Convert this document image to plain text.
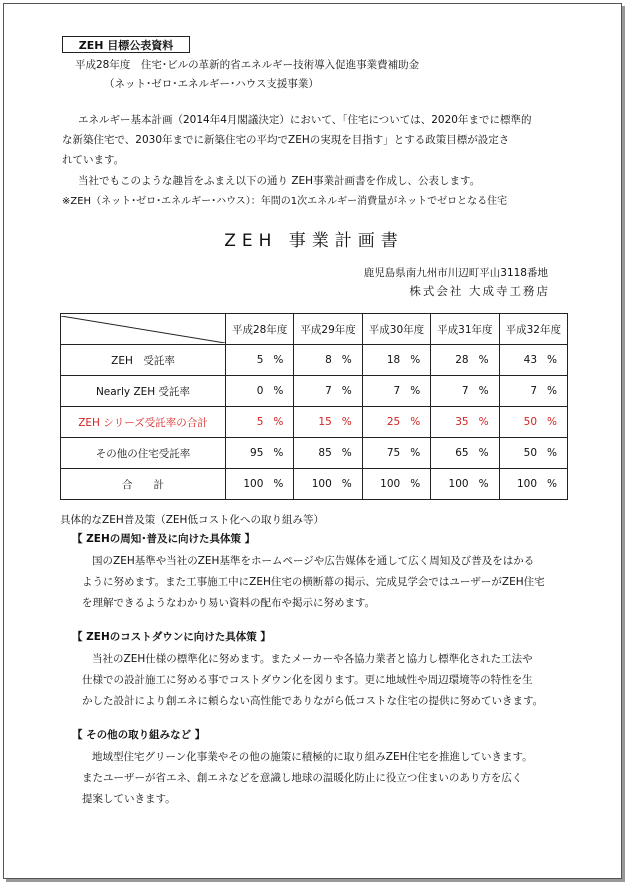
ZEH 目標公表資料
平成28年度　住宅･ビルの革新的省エネルギー技術導入促進事業費補助金
（ネット･ゼロ･エネルギー･ハウス支援事業）
エネルギー基本計画（2014年4月閣議決定）において、「住宅については、2020年までに標準的
な新築住宅で、2030年までに新築住宅の平均でZEHの実現を目指す」とする政策目標が設定さ
れています。
当社でもこのような趣旨をふまえ以下の通り ZEH事業計画書を作成し、公表します。
※ZEH（ネット･ゼロ･エネルギー･ハウス）：年間の1次エネルギー消費量がネットでゼロとなる住宅
ZEH 事業計画書
鹿児島県南九州市川辺町平山3118番地
株式会社 大成寺工務店
	平成28年度	平成29年度	平成30年度	平成31年度	平成32年度
ZEH　受託率	5 %	8 %	18 %	28 %	43 %
Nearly ZEH 受託率	0 %	7 %	7 %	7 %	7 %
ZEH シリーズ受託率の合計	5 %	15 %	25 %	35 %	50 %
その他の住宅受託率	95 %	85 %	75 %	65 %	50 %
合　　計	100 %	100 %	100 %	100 %	100 %
具体的なZEH普及策（ZEH低コスト化への取り組み等）
【 ZEHの周知･普及に向けた具体策 】
国のZEH基準や当社のZEH基準をホームページや広告媒体を通して広く周知及び普及をはかる
ように努めます。また工事施工中にZEH住宅の横断幕の掲示、完成見学会ではユーザーがZEH住宅
を理解できるようなわかり易い資料の配布や掲示に努めます。
【 ZEHのコストダウンに向けた具体策 】
当社のZEH仕様の標準化に努めます。またメーカーや各協力業者と協力し標準化された工法や
仕様での設計施工に努める事でコストダウン化を図ります。更に地域性や周辺環境等の特性を生
かした設計により創エネに頼らない高性能でありながら低コストな住宅の提供に努めていきます。
【 その他の取り組みなど 】
地域型住宅グリーン化事業やその他の施策に積極的に取り組みZEH住宅を推進していきます。
またユーザーが省エネ、創エネなどを意識し地球の温暖化防止に役立つ住まいのあり方を広く
提案していきます。
